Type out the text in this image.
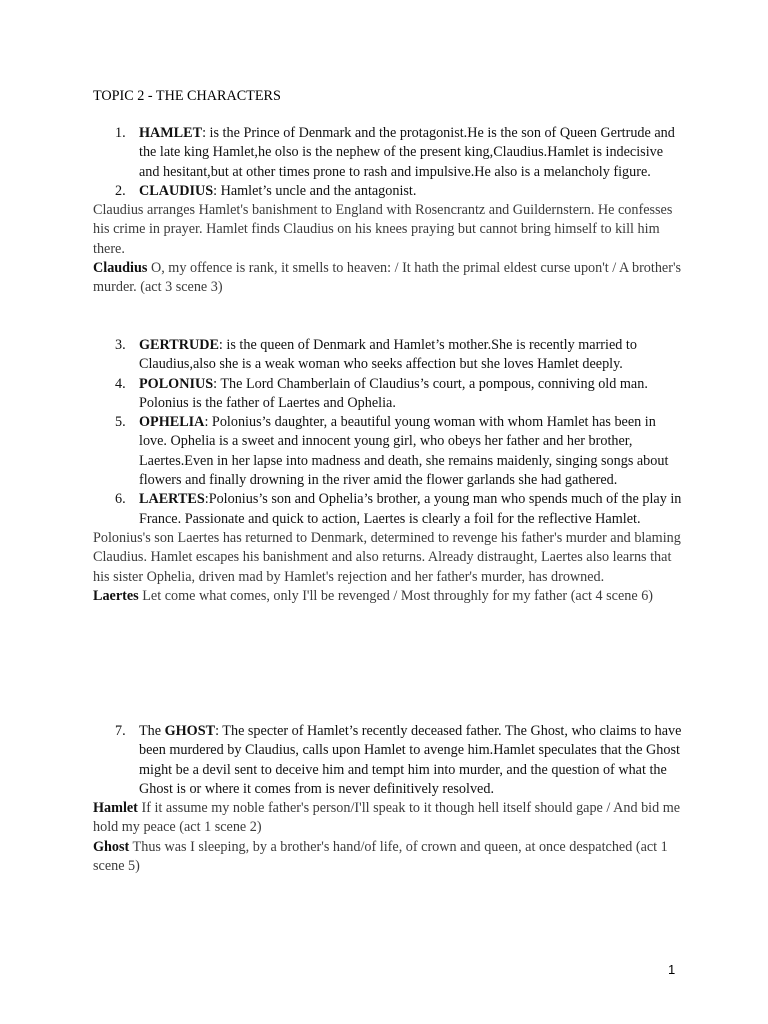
TOPIC 2 - THE CHARACTERS
1. HAMLET: is the Prince of Denmark and the protagonist.He is the son of Queen Gertrude and the late king Hamlet,he olso is the nephew of the present king,Claudius.Hamlet is indecisive and hesitant,but at other times prone to rash and impulsive.He also is a melancholy figure.
2. CLAUDIUS: Hamlet’s uncle and the antagonist.
Claudius arranges Hamlet's banishment to England with Rosencrantz and Guildernstern. He confesses his crime in prayer. Hamlet finds Claudius on his knees praying but cannot bring himself to kill him there.
Claudius O, my offence is rank, it smells to heaven: / It hath the primal eldest curse upon't / A brother's murder. (act 3 scene 3)
3. GERTRUDE: is the queen of Denmark and Hamlet’s mother.She is recently married to Claudius,also she is a weak woman who seeks affection but she loves Hamlet deeply.
4. POLONIUS: The Lord Chamberlain of Claudius’s court, a pompous, conniving old man. Polonius is the father of Laertes and Ophelia.
5. OPHELIA: Polonius’s daughter, a beautiful young woman with whom Hamlet has been in love. Ophelia is a sweet and innocent young girl, who obeys her father and her brother, Laertes.Even in her lapse into madness and death, she remains maidenly, singing songs about flowers and finally drowning in the river amid the flower garlands she had gathered.
6. LAERTES:Polonius’s son and Ophelia’s brother, a young man who spends much of the play in France. Passionate and quick to action, Laertes is clearly a foil for the reflective Hamlet.
Polonius's son Laertes has returned to Denmark, determined to revenge his father's murder and blaming Claudius. Hamlet escapes his banishment and also returns. Already distraught, Laertes also learns that his sister Ophelia, driven mad by Hamlet's rejection and her father's murder, has drowned.
Laertes Let come what comes, only I'll be revenged / Most throughly for my father (act 4 scene 6)
7. The GHOST: The specter of Hamlet’s recently deceased father. The Ghost, who claims to have been murdered by Claudius, calls upon Hamlet to avenge him.Hamlet speculates that the Ghost might be a devil sent to deceive him and tempt him into murder, and the question of what the Ghost is or where it comes from is never definitively resolved.
Hamlet If it assume my noble father's person/I'll speak to it though hell itself should gape / And bid me hold my peace (act 1 scene 2)
Ghost Thus was I sleeping, by a brother's hand/of life, of crown and queen, at once despatched (act 1 scene 5)
1
